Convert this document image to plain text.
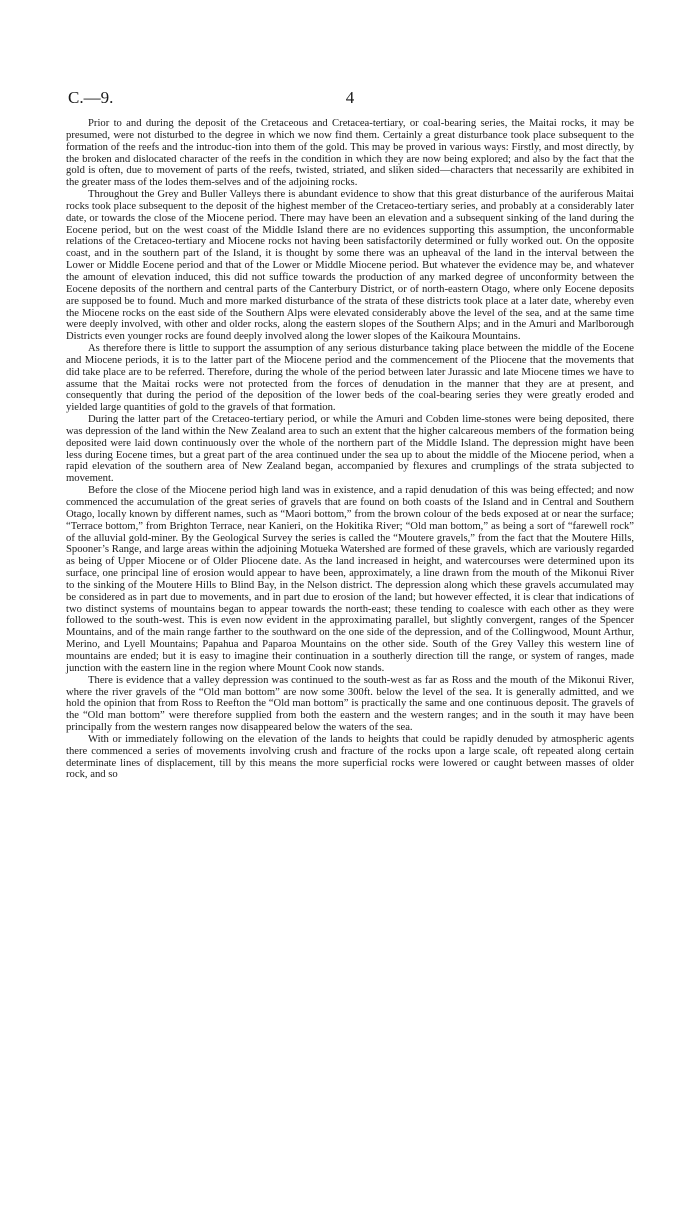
C.—9.	4

Prior to and during the deposit of the Cretaceous and Cretacea-tertiary, or coal-bearing series, the Maitai rocks, it may be presumed, were not disturbed to the degree in which we now find them. Certainly a great disturbance took place subsequent to the formation of the reefs and the introduc-tion into them of the gold. This may be proved in various ways: Firstly, and most directly, by the broken and dislocated character of the reefs in the condition in which they are now being explored; and also by the fact that the gold is often, due to movement of parts of the reefs, twisted, striated, and sliken sided—characters that necessarily are exhibited in the greater mass of the lodes them-selves and of the adjoining rocks.

Throughout the Grey and Buller Valleys there is abundant evidence to show that this great disturbance of the auriferous Maitai rocks took place subsequent to the deposit of the highest member of the Cretaceo-tertiary series, and probably at a considerably later date, or towards the close of the Miocene period. There may have been an elevation and a subsequent sinking of the land during the Eocene period, but on the west coast of the Middle Island there are no evidences supporting this assumption, the unconformable relations of the Cretaceo-tertiary and Miocene rocks not having been satisfactorily determined or fully worked out. On the opposite coast, and in the southern part of the Island, it is thought by some there was an upheaval of the land in the interval between the Lower or Middle Eocene period and that of the Lower or Middle Miocene period. But whatever the evidence may be, and whatever the amount of elevation induced, this did not suffice towards the production of any marked degree of unconformity between the Eocene deposits of the northern and central parts of the Canterbury District, or of north-eastern Otago, where only Eocene deposits are supposed be to found. Much and more marked disturbance of the strata of these districts took place at a later date, whereby even the Miocene rocks on the east side of the Southern Alps were elevated considerably above the level of the sea, and at the same time were deeply involved, with other and older rocks, along the eastern slopes of the Southern Alps; and in the Amuri and Marlborough Districts even younger rocks are found deeply involved along the lower slopes of the Kaikoura Mountains.

As therefore there is little to support the assumption of any serious disturbance taking place between the middle of the Eocene and Miocene periods, it is to the latter part of the Miocene period and the commencement of the Pliocene that the movements that did take place are to be referred. Therefore, during the whole of the period between later Jurassic and late Miocene times we have to assume that the Maitai rocks were not protected from the forces of denudation in the manner that they are at present, and consequently that during the period of the deposition of the lower beds of the coal-bearing series they were greatly eroded and yielded large quantities of gold to the gravels of that formation.

During the latter part of the Cretaceo-tertiary period, or while the Amuri and Cobden lime-stones were being deposited, there was depression of the land within the New Zealand area to such an extent that the higher calcareous members of the formation being deposited were laid down continuously over the whole of the northern part of the Middle Island. The depression might have been less during Eocene times, but a great part of the area continued under the sea up to about the middle of the Miocene period, when a rapid elevation of the southern area of New Zealand began, accompanied by flexures and crumplings of the strata subjected to movement.

Before the close of the Miocene period high land was in existence, and a rapid denudation of this was being effected; and now commenced the accumulation of the great series of gravels that are found on both coasts of the Island and in Central and Southern Otago, locally known by different names, such as “Maori bottom,” from the brown colour of the beds exposed at or near the surface; “Terrace bottom,” from Brighton Terrace, near Kanieri, on the Hokitika River; “Old man bottom,” as being a sort of “farewell rock” of the alluvial gold-miner. By the Geological Survey the series is called the “Moutere gravels,” from the fact that the Moutere Hills, Spooner’s Range, and large areas within the adjoining Motueka Watershed are formed of these gravels, which are variously regarded as being of Upper Miocene or of Older Pliocene date. As the land increased in height, and watercourses were determined upon its surface, one principal line of erosion would appear to have been, approximately, a line drawn from the mouth of the Mikonui River to the sinking of the Moutere Hills to Blind Bay, in the Nelson district. The depression along which these gravels accumulated may be considered as in part due to movements, and in part due to erosion of the land; but however effected, it is clear that indications of two distinct systems of mountains began to appear towards the north-east; these tending to coalesce with each other as they were followed to the south-west. This is even now evident in the approximating parallel, but slightly convergent, ranges of the Spencer Mountains, and of the main range farther to the southward on the one side of the depression, and of the Collingwood, Mount Arthur, Merino, and Lyell Mountains; Papahua and Paparoa Mountains on the other side. South of the Grey Valley this western line of mountains are ended; but it is easy to imagine their continuation in a southerly direction till the range, or system of ranges, made junction with the eastern line in the region where Mount Cook now stands.

There is evidence that a valley depression was continued to the south-west as far as Ross and the mouth of the Mikonui River, where the river gravels of the “Old man bottom” are now some 300ft. below the level of the sea. It is generally admitted, and we hold the opinion that from Ross to Reefton the “Old man bottom” is practically the same and one continuous deposit. The gravels of the “Old man bottom” were therefore supplied from both the eastern and the western ranges; and in the south it may have been principally from the western ranges now disappeared below the waters of the sea.

With or immediately following on the elevation of the lands to heights that could be rapidly denuded by atmospheric agents there commenced a series of movements involving crush and fracture of the rocks upon a large scale, oft repeated along certain determinate lines of displacement, till by this means the more superficial rocks were lowered or caught between masses of older rock, and so
